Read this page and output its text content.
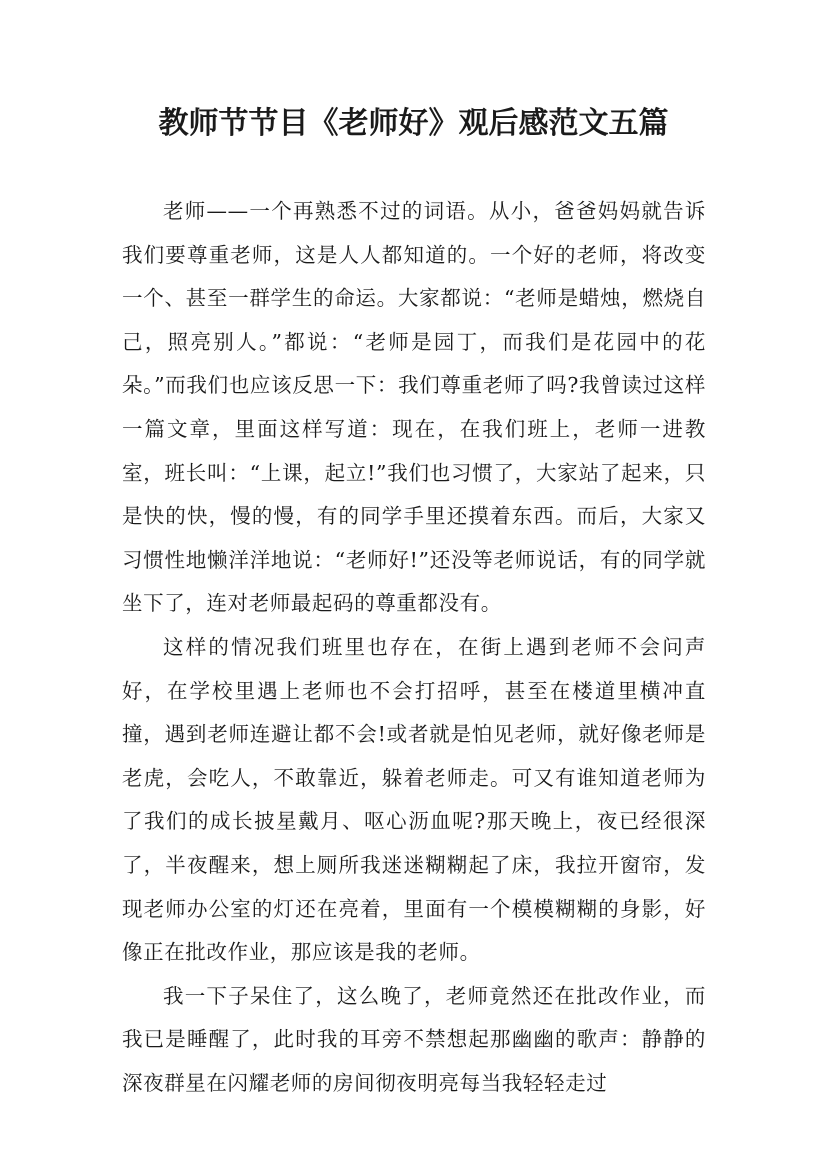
教师节节目《老师好》观后感范文五篇

老师——一个再熟悉不过的词语。从小，爸爸妈妈就告诉我们要尊重老师，这是人人都知道的。一个好的老师，将改变一个、甚至一群学生的命运。大家都说：“老师是蜡烛，燃烧自己，照亮别人。”都说：“老师是园丁，而我们是花园中的花朵。”而我们也应该反思一下：我们尊重老师了吗?我曾读过这样一篇文章，里面这样写道：现在，在我们班上，老师一进教室，班长叫：“上课，起立!”我们也习惯了，大家站了起来，只是快的快，慢的慢，有的同学手里还摸着东西。而后，大家又习惯性地懒洋洋地说：“老师好!”还没等老师说话，有的同学就坐下了，连对老师最起码的尊重都没有。

这样的情况我们班里也存在，在街上遇到老师不会问声好，在学校里遇上老师也不会打招呼，甚至在楼道里横冲直撞，遇到老师连避让都不会!或者就是怕见老师，就好像老师是老虎，会吃人，不敢靠近，躲着老师走。可又有谁知道老师为了我们的成长披星戴月、呕心沥血呢?那天晚上，夜已经很深了，半夜醒来，想上厕所我迷迷糊糊起了床，我拉开窗帘，发现老师办公室的灯还在亮着，里面有一个模模糊糊的身影，好像正在批改作业，那应该是我的老师。

我一下子呆住了，这么晚了，老师竟然还在批改作业，而我已是睡醒了，此时我的耳旁不禁想起那幽幽的歌声：静静的深夜群星在闪耀老师的房间彻夜明亮每当我轻轻走过
